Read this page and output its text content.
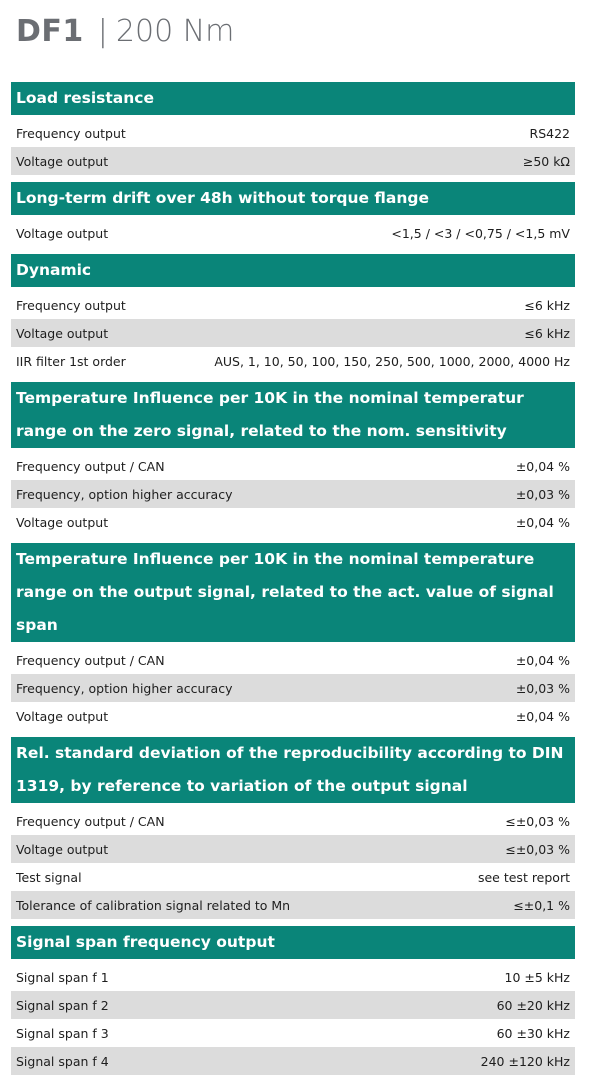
DF1 | 200 Nm
Load resistance
Frequency output	RS422
Voltage output	≥50 kΩ
Long-term drift over 48h without torque flange
Voltage output	<1,5 / <3 / <0,75 / <1,5 mV
Dynamic
Frequency output	≤6 kHz
Voltage output	≤6 kHz
IIR filter 1st order	AUS, 1, 10, 50, 100, 150, 250, 500, 1000, 2000, 4000 Hz
Temperature Influence per 10K in the nominal temperatur range on the zero signal, related to the nom. sensitivity
Frequency output / CAN	±0,04 %
Frequency, option higher accuracy	±0,03 %
Voltage output	±0,04 %
Temperature Influence per 10K in the nominal temperature range on the output signal, related to the act. value of signal span
Frequency output / CAN	±0,04 %
Frequency, option higher accuracy	±0,03 %
Voltage output	±0,04 %
Rel. standard deviation of the reproducibility according to DIN 1319, by reference to variation of the output signal
Frequency output / CAN	≤±0,03 %
Voltage output	≤±0,03 %
Test signal	see test report
Tolerance of calibration signal related to Mn	≤±0,1 %
Signal span frequency output
Signal span f 1	10 ±5 kHz
Signal span f 2	60 ±20 kHz
Signal span f 3	60 ±30 kHz
Signal span f 4	240 ±120 kHz
